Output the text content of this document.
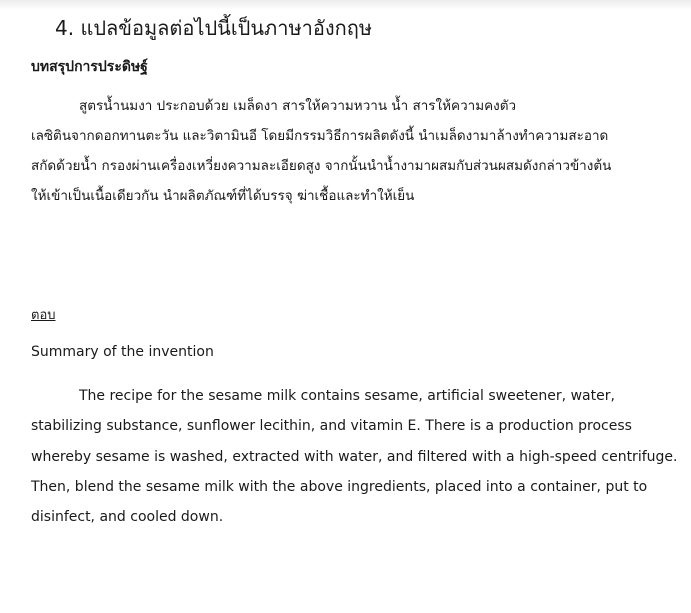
4. แปลข้อมูลต่อไปนี้เป็นภาษาอังกฤษ
บทสรุปการประดิษฐ์
สูตรน้ำนมงา ประกอบด้วย เมล็ดงา สารให้ความหวาน น้ำ สารให้ความคงตัว
เลซิตินจากดอกทานตะวัน และวิตามินอี โดยมีกรรมวิธีการผลิตดังนี้ นำเมล็ดงามาล้างทำความสะอาด
สกัดด้วยน้ำ กรองผ่านเครื่องเหวี่ยงความละเอียดสูง จากนั้นนำน้ำงามาผสมกับส่วนผสมดังกล่าวข้างต้น
ให้เข้าเป็นเนื้อเดียวกัน นำผลิตภัณฑ์ที่ได้บรรจุ ฆ่าเชื้อและทำให้เย็น
ตอบ
Summary of the invention
The recipe for the sesame milk contains sesame, artificial sweetener, water,
stabilizing substance, sunflower lecithin, and vitamin E. There is a production process
whereby sesame is washed, extracted with water, and filtered with a high-speed centrifuge.
Then, blend the sesame milk with the above ingredients, placed into a container, put to
disinfect, and cooled down.
